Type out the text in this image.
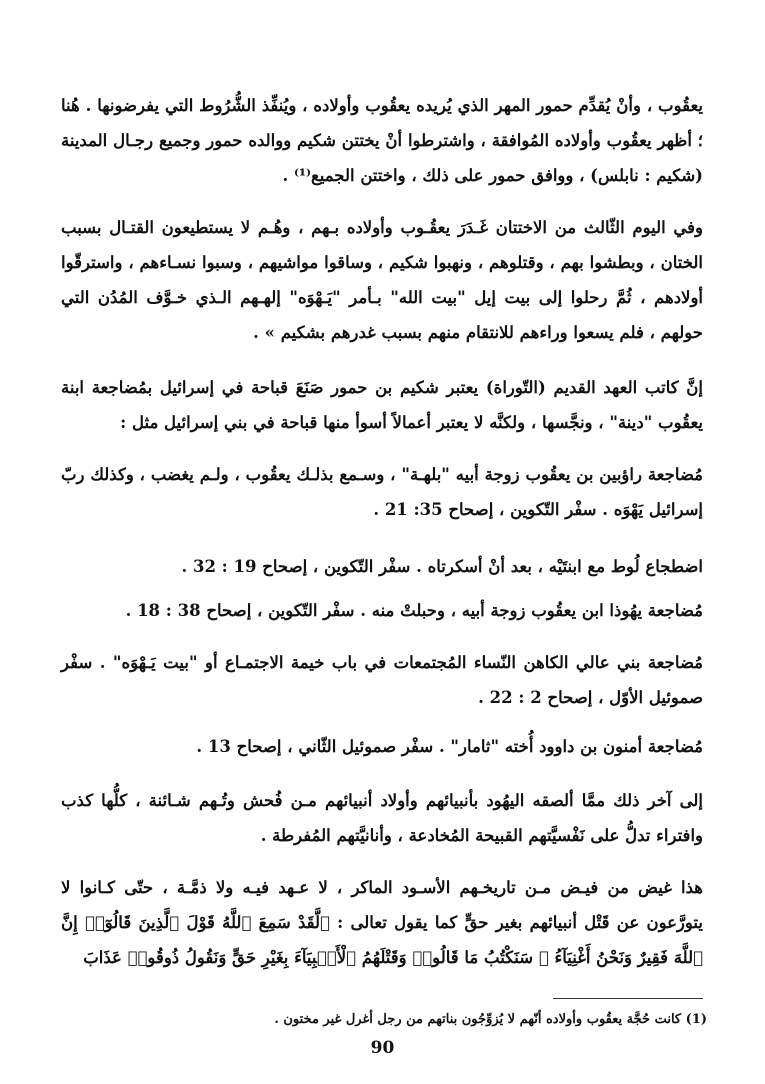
يعقُوب ، وأنْ يُقدِّم حمور المهر الذي يُريده يعقُوب وأولاده ، ويُنفِّذ الشُّرُوط التي يفرضونها . هُنا ؛ أظهر يعقُوب وأولاده المُوافقة ، واشترطوا أنْ يختتن شكيم ووالده حمور وجميع رجـال المدينة (شكيم : نابلس) ، ووافق حمور على ذلك ، واختتن الجميع⁽¹⁾ .

وفي اليوم الثّالث من الاختتان غَـدَرَ يعقُـوب وأولاده بـهم ، وهُـم لا يستطيعون القتـال بسبب الختان ، وبطشوا بهم ، وقتلوهم ، ونهبوا شكيم ، وساقوا مواشيهم ، وسبوا نسـاءهم ، واسترقّوا أولادهم ، ثُمَّ رحلوا إلى بيت إيل "بيت الله" بـأمر "يَـهْوَه" إلهـهم الـذي خـوَّف المُدُن التي حولهم ، فلم يسعوا وراءهم للانتقام منهم بسبب غدرهم بشكيم » .

إنَّ كاتب العهد القديم (التّوراة) يعتبر شكيم بن حمور صَنَعَ قباحة في إسرائيل بمُضاجعة ابنة يعقُوب "دينة" ، ونجَّسها ، ولكنَّه لا يعتبر أعمالاً أسوأ منها قباحة في بني إسرائيل مثل :

مُضاجعة راؤبين بن يعقُوب زوجة أبيه "بلهـة" ، وسـمع بذلـك يعقُوب ، ولـم يغضب ، وكذلك ربّ إسرائيل يَهْوَه . سفْر التّكوين ، إصحاح 35: 21 .

اضطجاع لُوط مع ابنتَيْه ، بعد أنْ أسكرتاه . سفْر التّكوين ، إصحاح 19 : 32 .

مُضاجعة يهُوذا ابن يعقُوب زوجة أبيه ، وحبلتْ منه . سفْر التّكوين ، إصحاح 38 : 18 .

مُضاجعة بني عالي الكاهن النّساء المُجتمعات في باب خيمة الاجتمـاع أو "بيت يَـهْوَه" . سفْر صموئيل الأوّل ، إصحاح 2 : 22 .

مُضاجعة أمنون بن داوود أُخته "ثامار" . سفْر صموئيل الثّاني ، إصحاح 13 .

إلى آخر ذلك ممَّا ألصقه اليهُود بأنبيائهم وأولاد أنبيائهم مـن فُحش وتُـهم شـائنة ، كلُّها كذب وافتراء تدلُّ على نَفْسيَّتهم القبيحة المُخادعة ، وأنانيَّتهم المُفرطة .

هذا غيض من فيـض مـن تاريخـهم الأسـود الماكر ، لا عـهد فيـه ولا ذمَّـة ، حتّى كـانوا لا يتورَّعون عن قَتْل أنبيائهم بغير حقٍّ كما يقول تعالى : ﴿لَّقَدْ سَمِعَ ٱللَّهُ قَوْلَ ٱلَّذِينَ قَالُوٓا۟ إِنَّ ٱللَّهَ فَقِيرٌ وَنَحْنُ أَغْنِيَآءُ ۘ سَنَكْتُبُ مَا قَالُوا۟ وَقَتْلَهُمُ ٱلْأَنۢبِيَآءَ بِغَيْرِ حَقٍّ وَنَقُولُ ذُوقُوا۟ عَذَابَ

(1) كانت حُجَّة يعقُوب وأولاده أنّهم لا يُزوِّجُون بناتهم من رجل أغرل غير مختون .

90
